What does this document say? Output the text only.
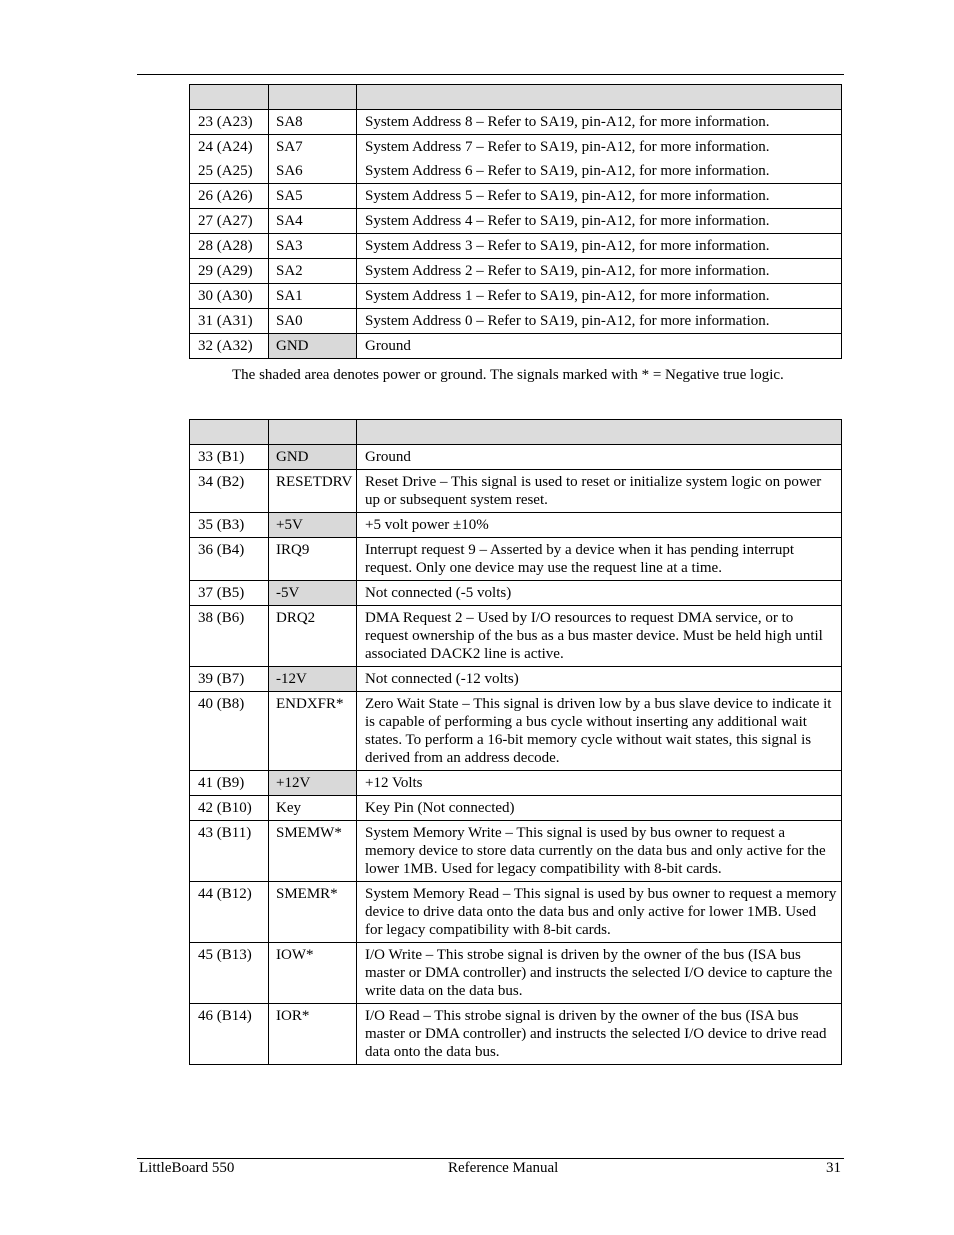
23 (A23)	SA8	System Address 8 – Refer to SA19, pin-A12, for more information.
24 (A24)	SA7	System Address 7 – Refer to SA19, pin-A12, for more information.
25 (A25)	SA6	System Address 6 – Refer to SA19, pin-A12, for more information.
26 (A26)	SA5	System Address 5 – Refer to SA19, pin-A12, for more information.
27 (A27)	SA4	System Address 4 – Refer to SA19, pin-A12, for more information.
28 (A28)	SA3	System Address 3 – Refer to SA19, pin-A12, for more information.
29 (A29)	SA2	System Address 2 – Refer to SA19, pin-A12, for more information.
30 (A30)	SA1	System Address 1 – Refer to SA19, pin-A12, for more information.
31 (A31)	SA0	System Address 0 – Refer to SA19, pin-A12, for more information.
32 (A32)	GND	Ground
The shaded area denotes power or ground. The signals marked with * = Negative true logic.

33 (B1)	GND	Ground
34 (B2)	RESETDRV	Reset Drive – This signal is used to reset or initialize system logic on power up or subsequent system reset.
35 (B3)	+5V	+5 volt power ±10%
36 (B4)	IRQ9	Interrupt request 9 – Asserted by a device when it has pending interrupt request. Only one device may use the request line at a time.
37 (B5)	-5V	Not connected (-5 volts)
38 (B6)	DRQ2	DMA Request 2 – Used by I/O resources to request DMA service, or to request ownership of the bus as a bus master device. Must be held high until associated DACK2 line is active.
39 (B7)	-12V	Not connected (-12 volts)
40 (B8)	ENDXFR*	Zero Wait State – This signal is driven low by a bus slave device to indicate it is capable of performing a bus cycle without inserting any additional wait states. To perform a 16-bit memory cycle without wait states, this signal is derived from an address decode.
41 (B9)	+12V	+12 Volts
42 (B10)	Key	Key Pin (Not connected)
43 (B11)	SMEMW*	System Memory Write – This signal is used by bus owner to request a memory device to store data currently on the data bus and only active for the lower 1MB. Used for legacy compatibility with 8-bit cards.
44 (B12)	SMEMR*	System Memory Read – This signal is used by bus owner to request a memory device to drive data onto the data bus and only active for lower 1MB. Used for legacy compatibility with 8-bit cards.
45 (B13)	IOW*	I/O Write – This strobe signal is driven by the owner of the bus (ISA bus master or DMA controller) and instructs the selected I/O device to capture the write data on the data bus.
46 (B14)	IOR*	I/O Read – This strobe signal is driven by the owner of the bus (ISA bus master or DMA controller) and instructs the selected I/O device to drive read data onto the data bus.
LittleBoard 550	Reference Manual	31
